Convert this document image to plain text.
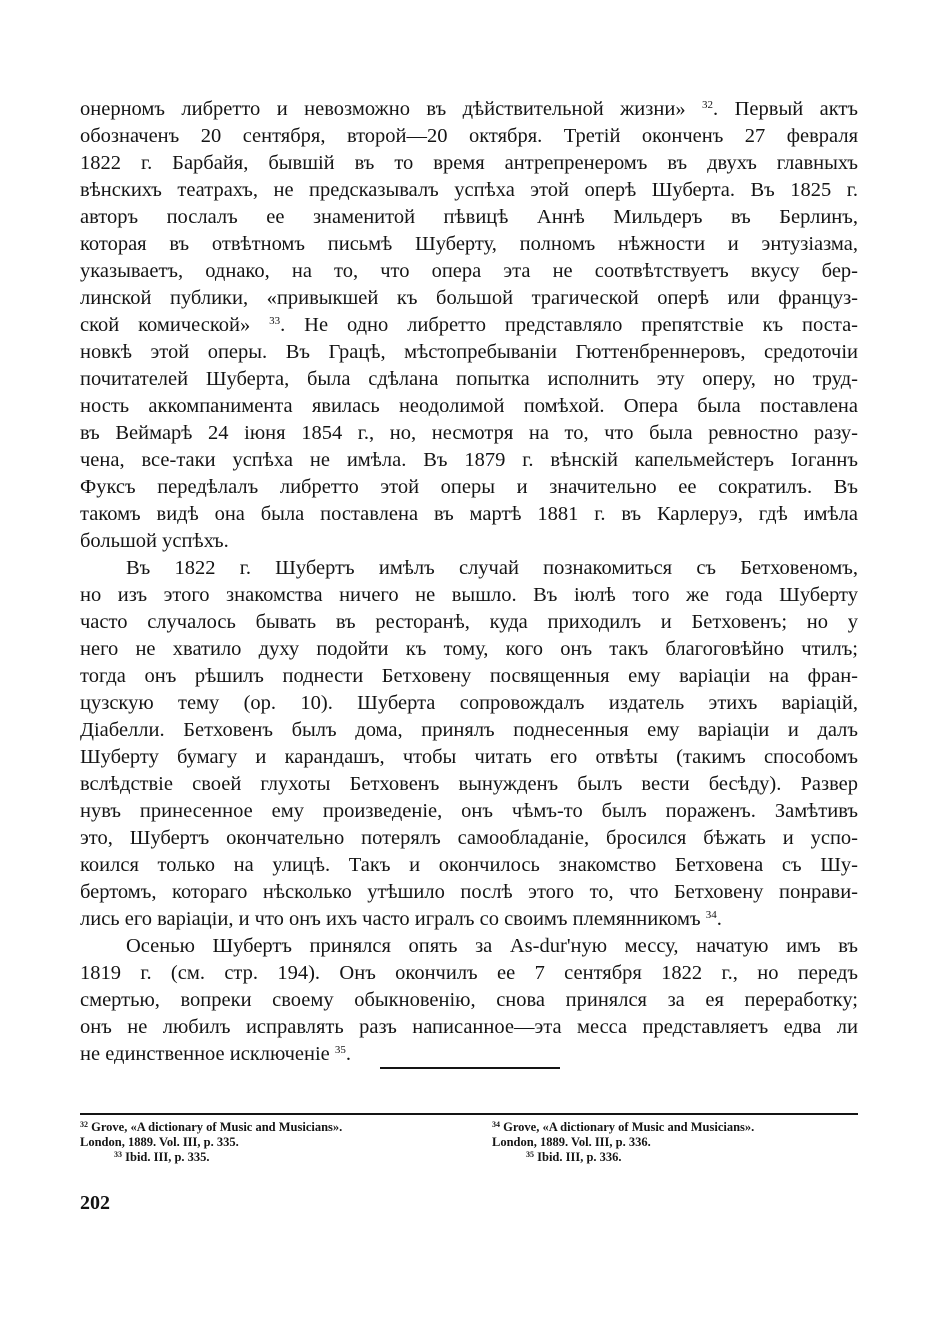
онерномъ либретто и невозможно въ дѣйствительной жизни» $^{32}$. Первый актъ
обозначенъ 20 сентября, второй—20 октября. Третій окончeнъ 27 февраля
1822 г. Барбайя, бывшій въ то время антрепренеромъ въ двухъ главныхъ
вѣнскихъ театрахъ, не предсказывалъ успѣха этой оперѣ Шуберта. Въ 1825 г.
авторъ послалъ ее знаменитой пѣвицѣ Аннѣ Мильдеръ въ Берлинъ,
которая въ отвѣтномъ письмѣ Шуберту, полномъ нѣжности и энтузіазма,
указываетъ, однако, на то, что опера эта не соотвѣтствуетъ вкусу бер-
линской публики, «привыкшей къ большой трагической оперѣ или француз-
ской комической» $^{33}$. Не одно либретто представляло препятствіе къ поста-
новкѣ этой оперы. Въ Грацѣ, мѣстопребываніи Гюттенбреннеровъ, средоточіи
почитателей Шуберта, была сдѣлана попытка исполнить эту оперу, но труд-
ность аккомпанимента явилась неодолимой помѣхой. Опера была поставлена
въ Веймарѣ 24 іюня 1854 г., но, несмотря на то, что была ревностно разу-
чена, все-таки успѣха не имѣла. Въ 1879 г. вѣнскій капельмейстеръ Іоганнъ
Фуксъ передѣлалъ либретто этой оперы и значительно ее сократилъ. Въ
такомъ видѣ она была поставлена въ мартѣ 1881 г. въ Карлеруэ, гдѣ имѣла
большой успѣхъ.
Въ 1822 г. Шубертъ имѣлъ случай познакомиться съ Бетховеномъ,
но изъ этого знакомства ничего не вышло. Въ іюлѣ того же года Шуберту
часто случалось бывать въ ресторанѣ, куда приходилъ и Бетховенъ; но у
него не хватило духу подойти къ тому, кого онъ такъ благоговѣйно чтилъ;
тогда онъ рѣшилъ поднести Бетховену посвященныя ему варіаціи на фран-
цузскую тему (ор. 10). Шуберта сопровождалъ издатель этихъ варіацій,
Діабелли. Бетховенъ былъ дома, принялъ поднесенныя ему варіаціи и далъ
Шуберту бумагу и карандашъ, чтобы читать его отвѣты (такимъ способомъ
вслѣдствіе своей глухоты Бетховенъ вынужденъ былъ вести бесѣду). Развер
нувъ принесенное ему произведеніе, онъ чѣмъ-то былъ пораженъ. Замѣтивъ
это, Шубертъ окончательно потерялъ самообладаніе, бросился бѣжать и успо-
коился только на улицѣ. Такъ и окончилось знакомство Бетховена съ Шу-
бертомъ, котораго нѣсколько утѣшило послѣ этого то, что Бетховену понрави-
лись его варіаціи, и что онъ ихъ часто игралъ со своимъ племянникомъ $^{34}$.
Осенью Шубертъ принялся опять за As-dur'ную мессу, начатую имъ въ
1819 г. (см. стр. 194). Онъ окончилъ ее 7 сентября 1822 г., но передъ
смертью, вопреки своему обыкновенію, снова принялся за ея переработку;
онъ не любилъ исправлять разъ написанное—эта месса представляетъ едва ли
не единственное исключеніе $^{35}$.
$^{32}$ Grove, «A dictionary of Music and Musicians».
London, 1889. Vol. III, p. 335.
$^{33}$ Ibid. III, p. 335.
$^{34}$ Grove, «A dictionary of Music and Musicians».
London, 1889. Vol. III, p. 336.
$^{35}$ Ibid. III, p. 336.
202
